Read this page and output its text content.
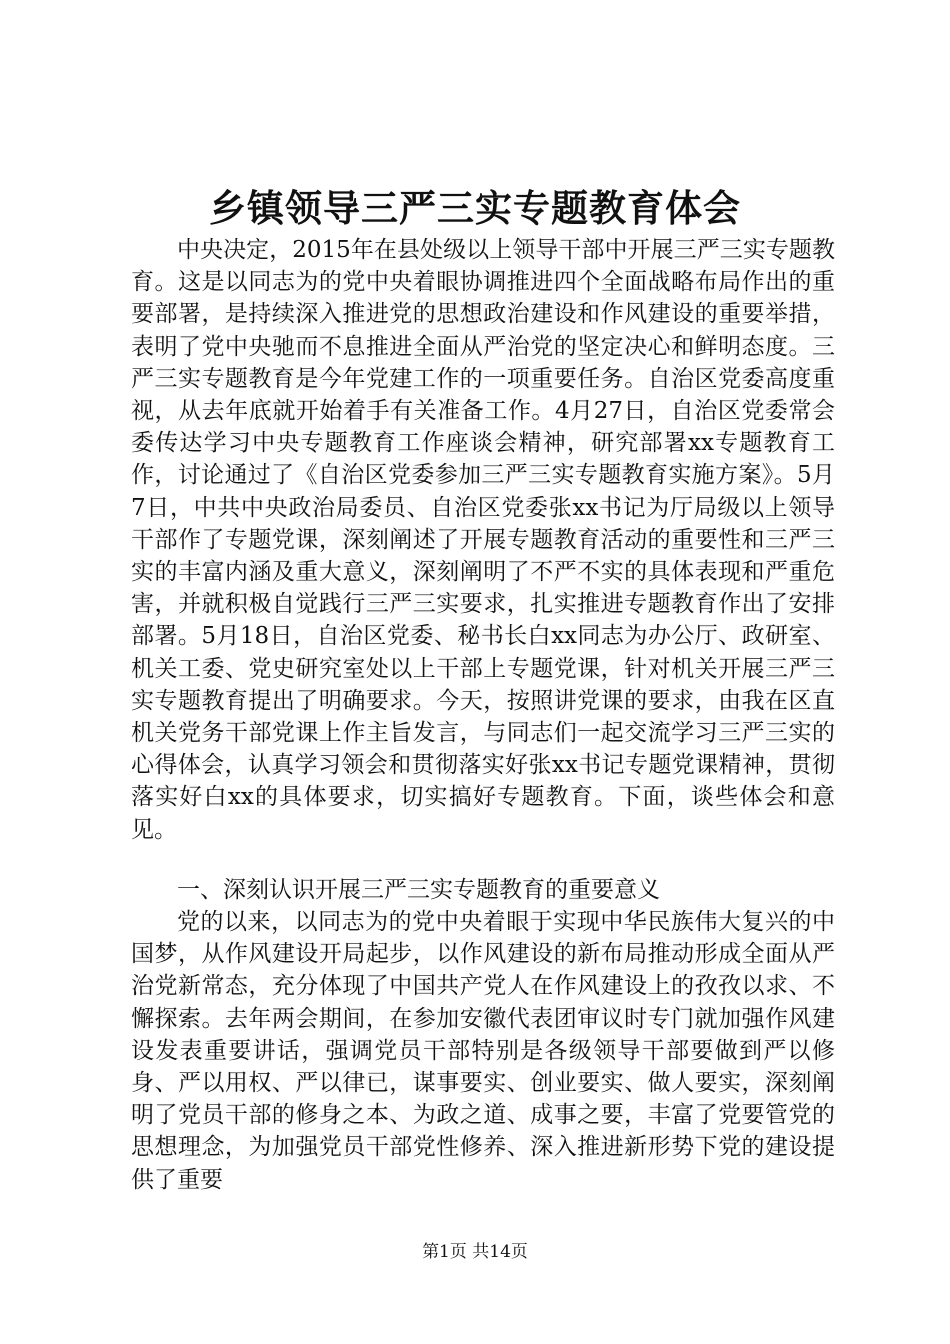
乡镇领导三严三实专题教育体会

中央决定，2015年在县处级以上领导干部中开展三严三实专题教育。这是以同志为的党中央着眼协调推进四个全面战略布局作出的重要部署，是持续深入推进党的思想政治建设和作风建设的重要举措，表明了党中央驰而不息推进全面从严治党的坚定决心和鲜明态度。三严三实专题教育是今年党建工作的一项重要任务。自治区党委高度重视，从去年底就开始着手有关准备工作。4月27日，自治区党委常会委传达学习中央专题教育工作座谈会精神，研究部署xx专题教育工作，讨论通过了《自治区党委参加三严三实专题教育实施方案》。5月7日，中共中央政治局委员、自治区党委张xx书记为厅局级以上领导干部作了专题党课，深刻阐述了开展专题教育活动的重要性和三严三实的丰富内涵及重大意义，深刻阐明了不严不实的具体表现和严重危害，并就积极自觉践行三严三实要求，扎实推进专题教育作出了安排部署。5月18日，自治区党委、秘书长白xx同志为办公厅、政研室、机关工委、党史研究室处以上干部上专题党课，针对机关开展三严三实专题教育提出了明确要求。今天，按照讲党课的要求，由我在区直机关党务干部党课上作主旨发言，与同志们一起交流学习三严三实的心得体会，认真学习领会和贯彻落实好张xx书记专题党课精神，贯彻落实好白xx的具体要求，切实搞好专题教育。下面，谈些体会和意见。

一、深刻认识开展三严三实专题教育的重要意义

党的以来，以同志为的党中央着眼于实现中华民族伟大复兴的中国梦，从作风建设开局起步，以作风建设的新布局推动形成全面从严治党新常态，充分体现了中国共产党人在作风建设上的孜孜以求、不懈探索。去年两会期间，在参加安徽代表团审议时专门就加强作风建设发表重要讲话，强调党员干部特别是各级领导干部要做到严以修身、严以用权、严以律已，谋事要实、创业要实、做人要实，深刻阐明了党员干部的修身之本、为政之道、成事之要，丰富了党要管党的思想理念，为加强党员干部党性修养、深入推进新形势下党的建设提供了重要

第1页 共14页
